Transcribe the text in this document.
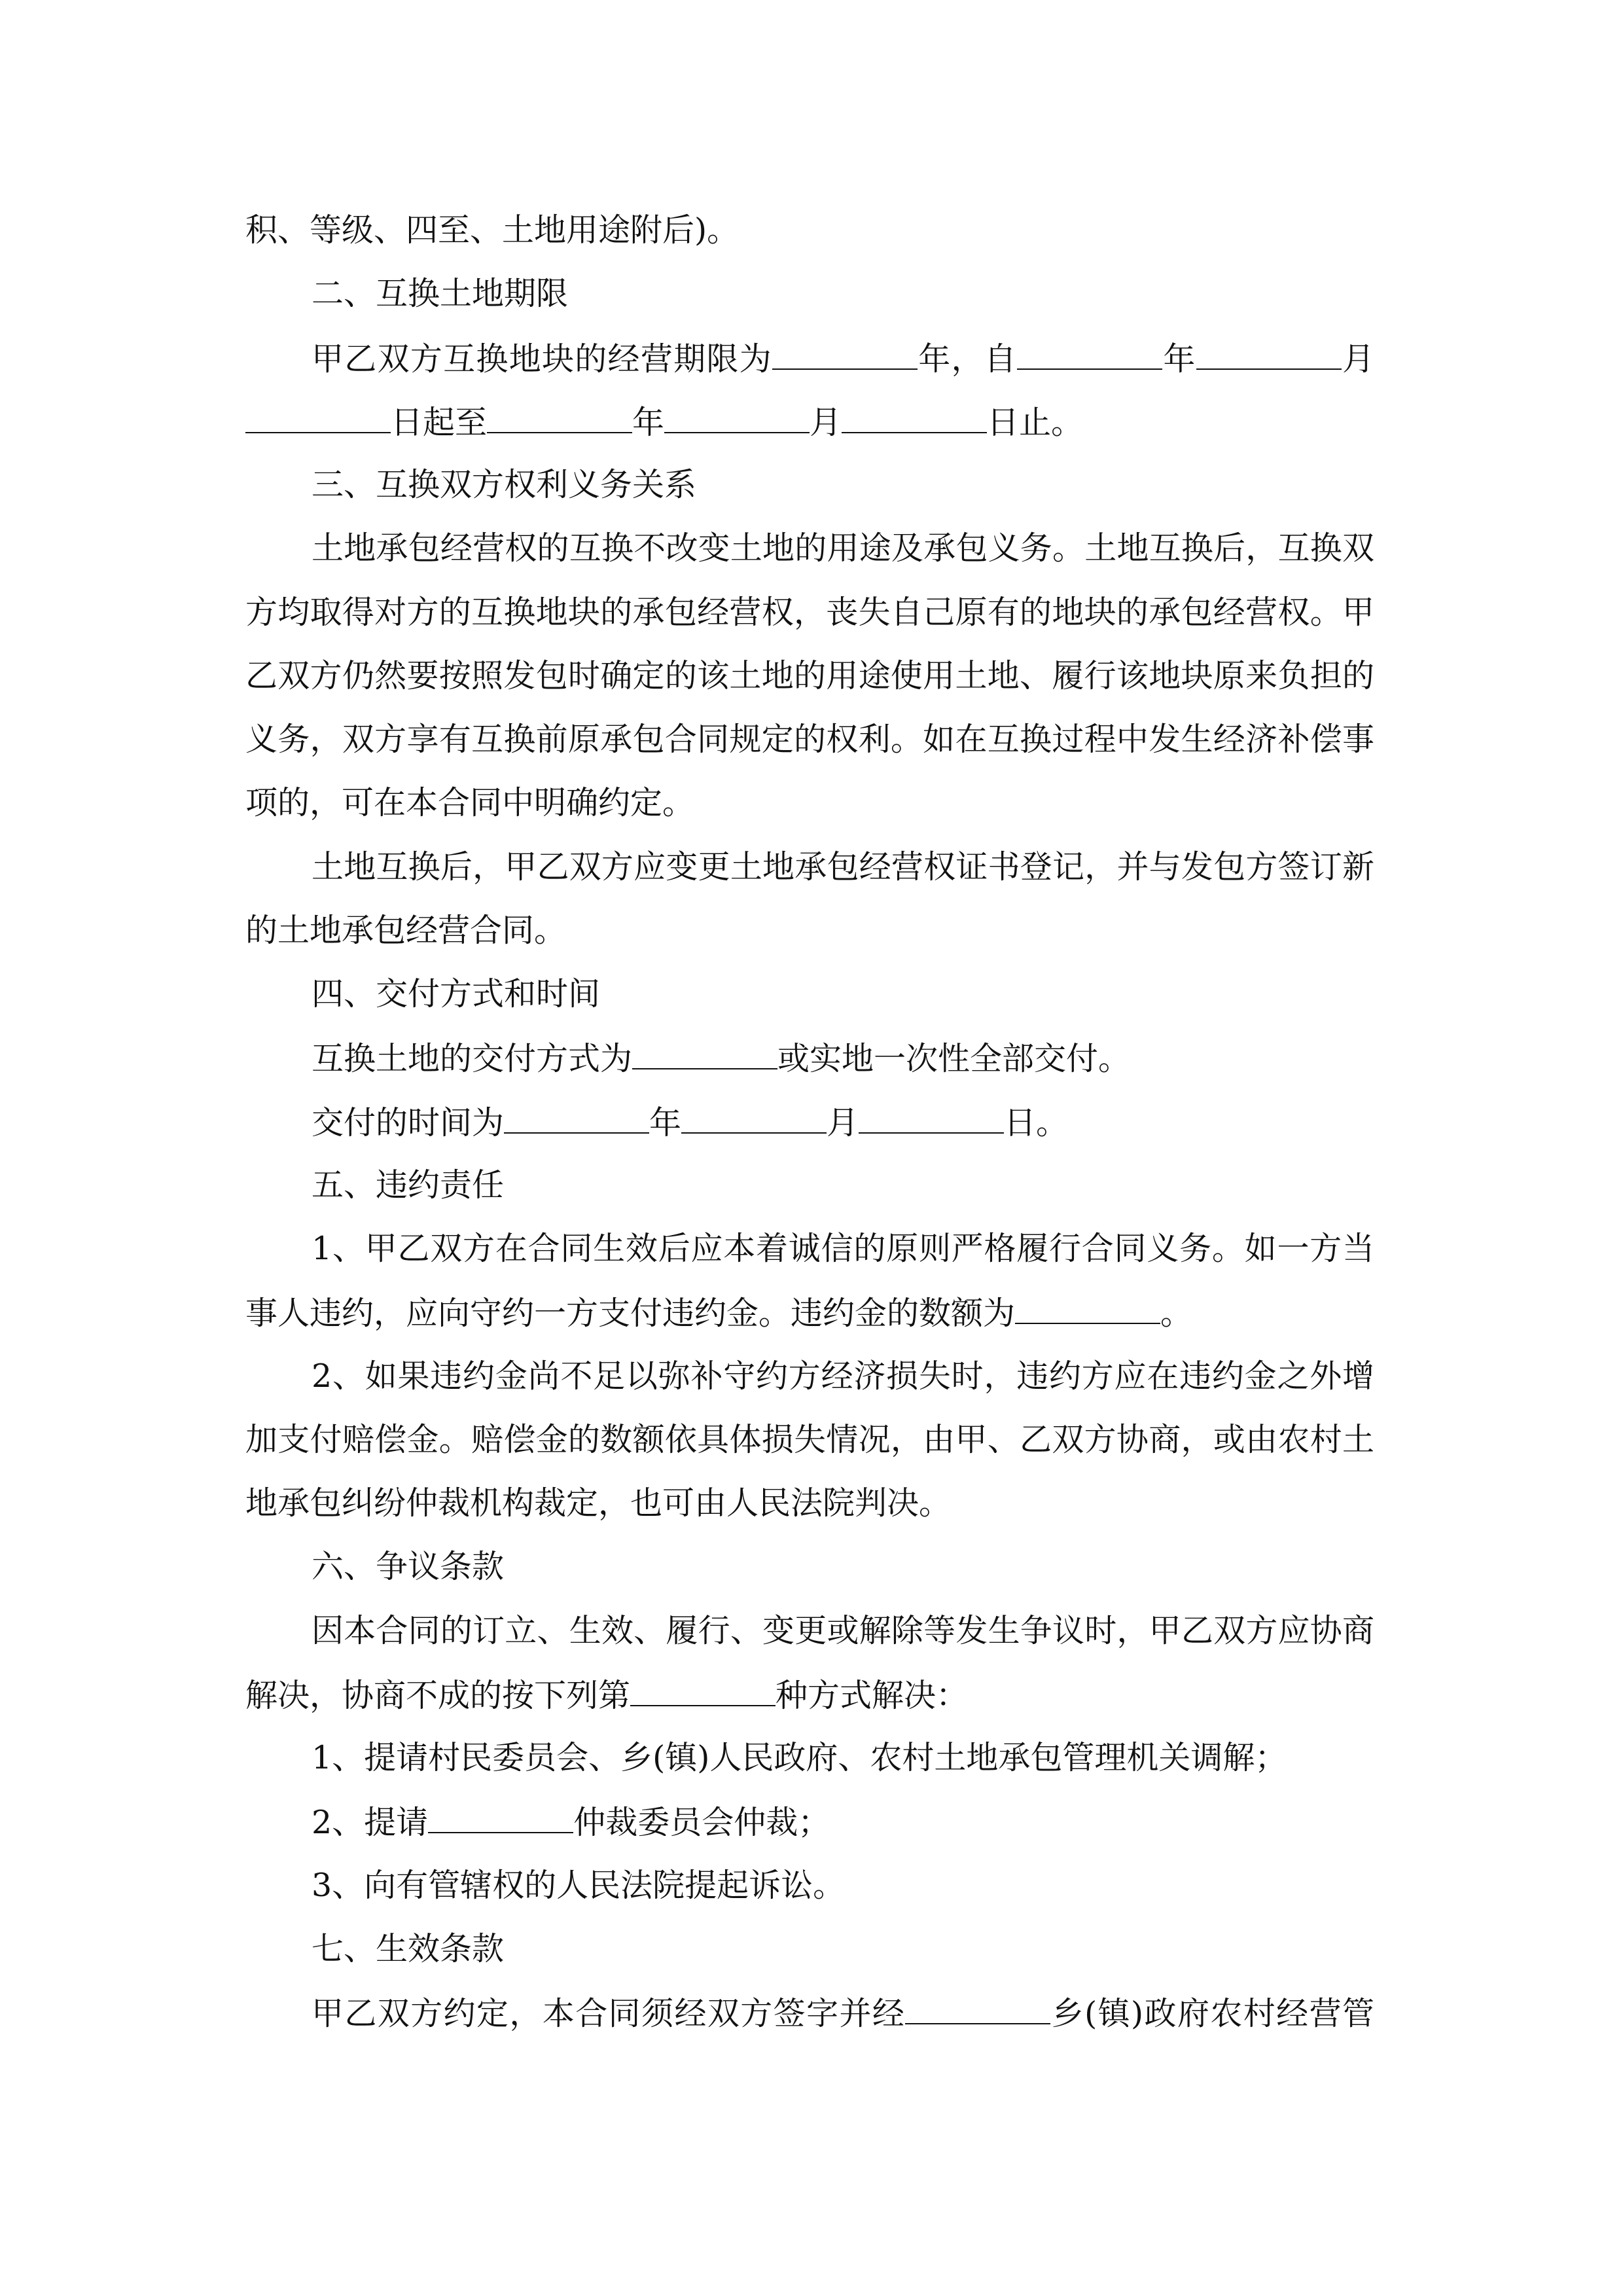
积、等级、四至、土地用途附后)。
二、互换土地期限
甲乙双方互换地块的经营期限为	年，自	年	月
日起至	年	月	日止。
三、互换双方权利义务关系
土地承包经营权的互换不改变土地的用途及承包义务。土地互换后，互换双
方均取得对方的互换地块的承包经营权，丧失自己原有的地块的承包经营权。甲
乙双方仍然要按照发包时确定的该土地的用途使用土地、履行该地块原来负担的
义务，双方享有互换前原承包合同规定的权利。如在互换过程中发生经济补偿事
项的，可在本合同中明确约定。
土地互换后，甲乙双方应变更土地承包经营权证书登记，并与发包方签订新
的土地承包经营合同。
四、交付方式和时间
互换土地的交付方式为	或实地一次性全部交付。
交付的时间为	年	月	日。
五、违约责任
1、甲乙双方在合同生效后应本着诚信的原则严格履行合同义务。如一方当
事人违约，应向守约一方支付违约金。违约金的数额为	。
2、如果违约金尚不足以弥补守约方经济损失时，违约方应在违约金之外增
加支付赔偿金。赔偿金的数额依具体损失情况，由甲、乙双方协商，或由农村土
地承包纠纷仲裁机构裁定，也可由人民法院判决。
六、争议条款
因本合同的订立、生效、履行、变更或解除等发生争议时，甲乙双方应协商
解决，协商不成的按下列第	种方式解决：
1、提请村民委员会、乡(镇)人民政府、农村土地承包管理机关调解；
2、提请	仲裁委员会仲裁；
3、向有管辖权的人民法院提起诉讼。
七、生效条款
甲乙双方约定，本合同须经双方签字并经	乡(镇)政府农村经营管
